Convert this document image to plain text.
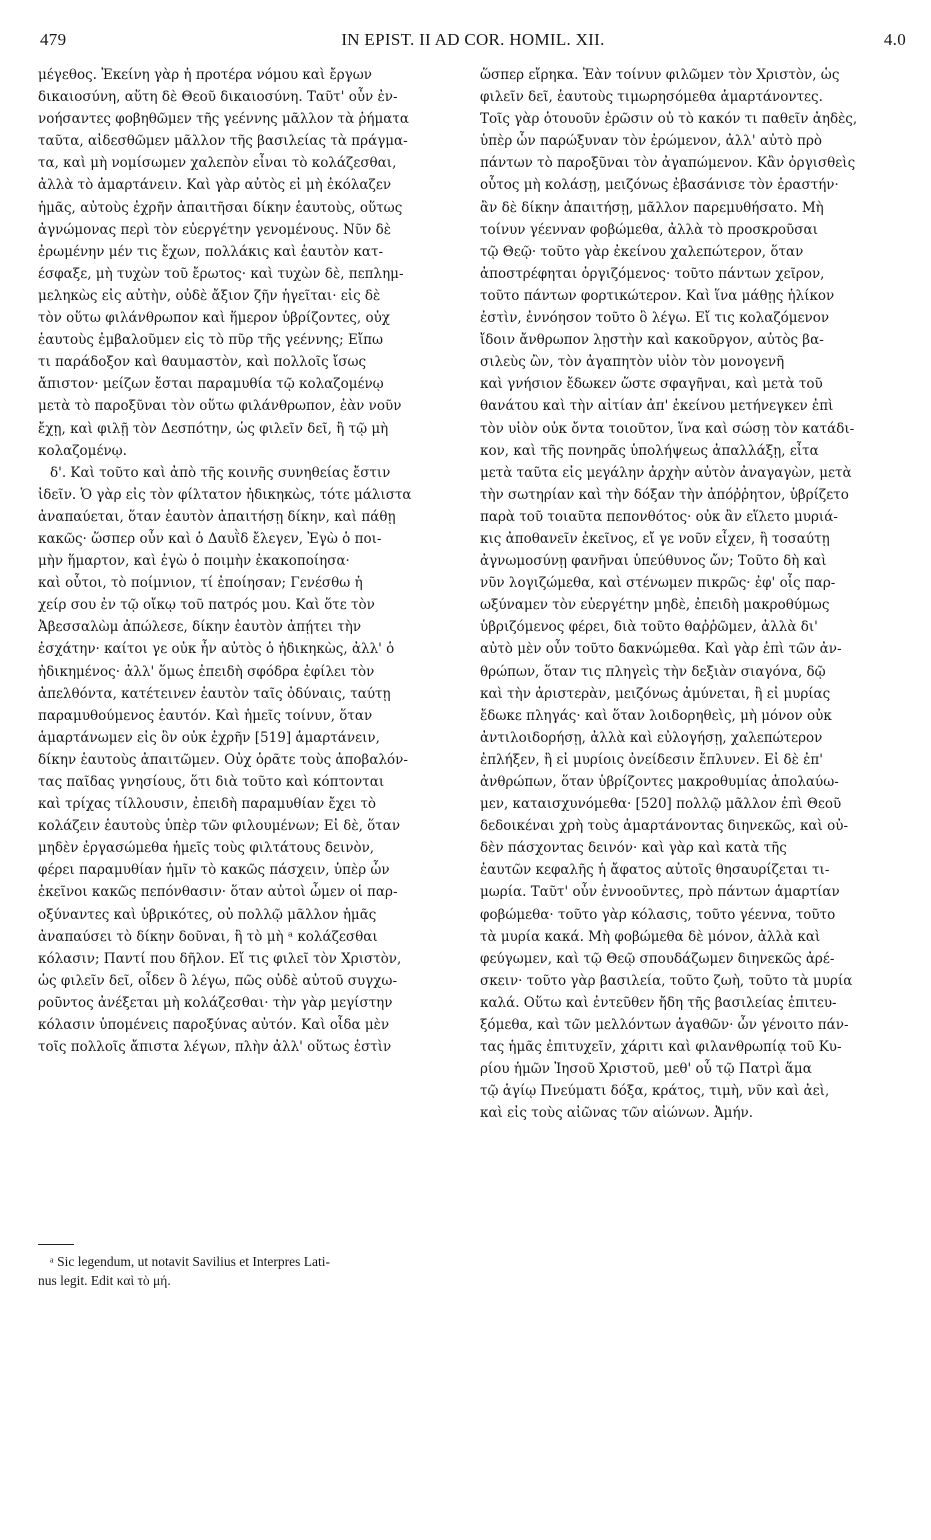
479	IN EPIST. II AD COR. HOMIL. XII.	4.0
μέγεθος. Ἐκείνη γὰρ ἡ προτέρα νόμου καὶ ἔργων
δικαιοσύνη, αὕτη δὲ Θεοῦ δικαιοσύνη. Ταῦτ' οὖν ἐν-
νοήσαντες φοβηθῶμεν τῆς γεέννης μᾶλλον τὰ ῥήματα
ταῦτα, αἰδεσθῶμεν μᾶλλον τῆς βασιλείας τὰ πράγμα-
τα, καὶ μὴ νομίσωμεν χαλεπὸν εἶναι τὸ κολάζεσθαι,
ἀλλὰ τὸ ἁμαρτάνειν. Καὶ γὰρ αὐτὸς εἰ μὴ ἐκόλαζεν
ἡμᾶς, αὐτοὺς ἐχρῆν ἀπαιτῆσαι δίκην ἑαυτοὺς, οὕτως
ἀγνώμονας περὶ τὸν εὐεργέτην γενομένους. Νῦν δὲ
ἐρωμένην μέν τις ἔχων, πολλάκις καὶ ἑαυτὸν κατ-
έσφαξε, μὴ τυχὼν τοῦ ἔρωτος· καὶ τυχὼν δὲ, πεπλημ-
μεληκὼς εἰς αὐτὴν, οὐδὲ ἄξιον ζῆν ἡγεῖται· εἰς δὲ
τὸν οὕτω φιλάνθρωπον καὶ ἥμερον ὑβρίζοντες, οὐχ
ἑαυτοὺς ἐμβαλοῦμεν εἰς τὸ πῦρ τῆς γεέννης; Εἴπω
τι παράδοξον καὶ θαυμαστὸν, καὶ πολλοῖς ἴσως
ἄπιστον· μείζων ἔσται παραμυθία τῷ κολαζομένῳ
μετὰ τὸ παροξῦναι τὸν οὕτω φιλάνθρωπον, ἐὰν νοῦν
ἔχῃ, καὶ φιλῇ τὸν Δεσπότην, ὡς φιλεῖν δεῖ, ἢ τῷ μὴ
κολαζομένῳ.
δ'. Καὶ τοῦτο καὶ ἀπὸ τῆς κοινῆς συνηθείας ἔστιν
ἰδεῖν. Ὁ γὰρ εἰς τὸν φίλτατον ἠδικηκὼς, τότε μάλιστα
ἀναπαύεται, ὅταν ἑαυτὸν ἀπαιτήσῃ δίκην, καὶ πάθῃ
κακῶς· ὥσπερ οὖν καὶ ὁ Δαυῒδ ἔλεγεν, Ἐγὼ ὁ ποι-
μὴν ἥμαρτον, καὶ ἐγὼ ὁ ποιμὴν ἐκακοποίησα·
καὶ οὗτοι, τὸ ποίμνιον, τί ἐποίησαν; Γενέσθω ἡ
χείρ σου ἐν τῷ οἴκῳ τοῦ πατρός μου. Καὶ ὅτε τὸν
Ἀβεσσαλὼμ ἀπώλεσε, δίκην ἑαυτὸν ἀπῄτει τὴν
ἐσχάτην· καίτοι γε οὐκ ἦν αὐτὸς ὁ ἠδικηκὼς, ἀλλ' ὁ
ἠδικημένος· ἀλλ' ὅμως ἐπειδὴ σφόδρα ἐφίλει τὸν
ἀπελθόντα, κατέτεινεν ἑαυτὸν ταῖς ὀδύναις, ταύτῃ
παραμυθούμενος ἑαυτόν. Καὶ ἡμεῖς τοίνυν, ὅταν
ἁμαρτάνωμεν εἰς ὃν οὐκ ἐχρῆν [519] ἁμαρτάνειν,
δίκην ἑαυτοὺς ἀπαιτῶμεν. Οὐχ ὁρᾶτε τοὺς ἀποβαλόν-
τας παῖδας γνησίους, ὅτι διὰ τοῦτο καὶ κόπτονται
καὶ τρίχας τίλλουσιν, ἐπειδὴ παραμυθίαν ἔχει τὸ
κολάζειν ἑαυτοὺς ὑπὲρ τῶν φιλουμένων; Εἰ δὲ, ὅταν
μηδὲν ἐργασώμεθα ἡμεῖς τοὺς φιλτάτους δεινὸν,
φέρει παραμυθίαν ἡμῖν τὸ κακῶς πάσχειν, ὑπὲρ ὧν
ἐκεῖνοι κακῶς πεπόνθασιν· ὅταν αὐτοὶ ὦμεν οἱ παρ-
οξύναντες καὶ ὑβρικότες, οὐ πολλῷ μᾶλλον ἡμᾶς
ἀναπαύσει τὸ δίκην δοῦναι, ἢ τὸ μὴ ᵃ κολάζεσθαι
κόλασιν; Παντί που δῆλον. Εἴ τις φιλεῖ τὸν Χριστὸν,
ὡς φιλεῖν δεῖ, οἶδεν ὃ λέγω, πῶς οὐδὲ αὐτοῦ συγχω-
ροῦντος ἀνέξεται μὴ κολάζεσθαι· τὴν γὰρ μεγίστην
κόλασιν ὑπομένεις παροξύνας αὐτόν. Καὶ οἶδα μὲν
τοῖς πολλοῖς ἄπιστα λέγων, πλὴν ἀλλ' οὕτως ἐστὶν
ὥσπερ εἴρηκα. Ἐὰν τοίνυν φιλῶμεν τὸν Χριστὸν, ὡς
φιλεῖν δεῖ, ἑαυτοὺς τιμωρησόμεθα ἁμαρτάνοντες.
Τοῖς γὰρ ὁτουοῦν ἐρῶσιν οὐ τὸ κακόν τι παθεῖν ἀηδὲς,
ὑπὲρ ὧν παρώξυναν τὸν ἐρώμενον, ἀλλ' αὐτὸ πρὸ
πάντων τὸ παροξῦναι τὸν ἀγαπώμενον. Κἂν ὀργισθεὶς
οὗτος μὴ κολάσῃ, μειζόνως ἐβασάνισε τὸν ἐραστήν·
ἂν δὲ δίκην ἀπαιτήσῃ, μᾶλλον παρεμυθήσατο. Μὴ
τοίνυν γέενναν φοβώμεθα, ἀλλὰ τὸ προσκροῦσαι
τῷ Θεῷ· τοῦτο γὰρ ἐκείνου χαλεπώτερον, ὅταν
ἀποστρέφηται ὀργιζόμενος· τοῦτο πάντων χεῖρον,
τοῦτο πάντων φορτικώτερον. Καὶ ἵνα μάθῃς ἡλίκον
ἐστὶν, ἐννόησον τοῦτο ὃ λέγω. Εἴ τις κολαζόμενον
ἴδοιν ἄνθρωπον λῃστὴν καὶ κακοῦργον, αὐτὸς βα-
σιλεὺς ὢν, τὸν ἀγαπητὸν υἱὸν τὸν μονογενῆ
καὶ γνήσιον ἔδωκεν ὥστε σφαγῆναι, καὶ μετὰ τοῦ
θανάτου καὶ τὴν αἰτίαν ἀπ' ἐκείνου μετήνεγκεν ἐπὶ
τὸν υἱὸν οὐκ ὄντα τοιοῦτον, ἵνα καὶ σώσῃ τὸν κατάδι-
κον, καὶ τῆς πονηρᾶς ὑπολήψεως ἀπαλλάξῃ, εἶτα
μετὰ ταῦτα εἰς μεγάλην ἀρχὴν αὐτὸν ἀναγαγὼν, μετὰ
τὴν σωτηρίαν καὶ τὴν δόξαν τὴν ἀπόῤῥητον, ὑβρίζετο
παρὰ τοῦ τοιαῦτα πεπονθότος· οὐκ ἂν εἵλετο μυριά-
κις ἀποθανεῖν ἐκεῖνος, εἴ γε νοῦν εἶχεν, ἢ τοσαύτῃ
ἀγνωμοσύνῃ φανῆναι ὑπεύθυνος ὤν; Τοῦτο δὴ καὶ
νῦν λογιζώμεθα, καὶ στένωμεν πικρῶς· ἐφ' οἷς παρ-
ωξύναμεν τὸν εὐεργέτην μηδὲ, ἐπειδὴ μακροθύμως
ὑβριζόμενος φέρει, διὰ τοῦτο θαῤῥῶμεν, ἀλλὰ δι'
αὐτὸ μὲν οὖν τοῦτο δακνώμεθα. Καὶ γὰρ ἐπὶ τῶν ἀν-
θρώπων, ὅταν τις πληγεὶς τὴν δεξιὰν σιαγόνα, δῷ
καὶ τὴν ἀριστερὰν, μειζόνως ἀμύνεται, ἢ εἰ μυρίας
ἔδωκε πληγάς· καὶ ὅταν λοιδορηθεὶς, μὴ μόνον οὐκ
ἀντιλοιδορήσῃ, ἀλλὰ καὶ εὐλογήσῃ, χαλεπώτερον
ἐπλήξεν, ἢ εἰ μυρίοις ὀνείδεσιν ἔπλυνεν. Εἰ δὲ ἐπ'
ἀνθρώπων, ὅταν ὑβρίζοντες μακροθυμίας ἀπολαύω-
μεν, καταισχυνόμεθα· [520] πολλῷ μᾶλλον ἐπὶ Θεοῦ
δεδοικέναι χρὴ τοὺς ἁμαρτάνοντας διηνεκῶς, καὶ οὐ-
δὲν πάσχοντας δεινόν· καὶ γὰρ καὶ κατὰ τῆς
ἑαυτῶν κεφαλῆς ἡ ἄφατος αὐτοῖς θησαυρίζεται τι-
μωρία. Ταῦτ' οὖν ἐννοοῦντες, πρὸ πάντων ἁμαρτίαν
φοβώμεθα· τοῦτο γὰρ κόλασις, τοῦτο γέεννα, τοῦτο
τὰ μυρία κακά. Μὴ φοβώμεθα δὲ μόνον, ἀλλὰ καὶ
φεύγωμεν, καὶ τῷ Θεῷ σπουδάζωμεν διηνεκῶς ἀρέ-
σκειν· τοῦτο γὰρ βασιλεία, τοῦτο ζωὴ, τοῦτο τὰ μυρία
καλά. Οὕτω καὶ ἐντεῦθεν ἤδη τῆς βασιλείας ἐπιτευ-
ξόμεθα, καὶ τῶν μελλόντων ἀγαθῶν· ὧν γένοιτο πάν-
τας ἡμᾶς ἐπιτυχεῖν, χάριτι καὶ φιλανθρωπίᾳ τοῦ Κυ-
ρίου ἡμῶν Ἰησοῦ Χριστοῦ, μεθ' οὗ τῷ Πατρὶ ἅμα
τῷ ἁγίῳ Πνεύματι δόξα, κράτος, τιμὴ, νῦν καὶ ἀεὶ,
καὶ εἰς τοὺς αἰῶνας τῶν αἰώνων. Ἀμήν.
ᵃ Sic legendum, ut notavit Savilius et Interpres Lati-
nus legit. Edit καὶ τὸ μή.
